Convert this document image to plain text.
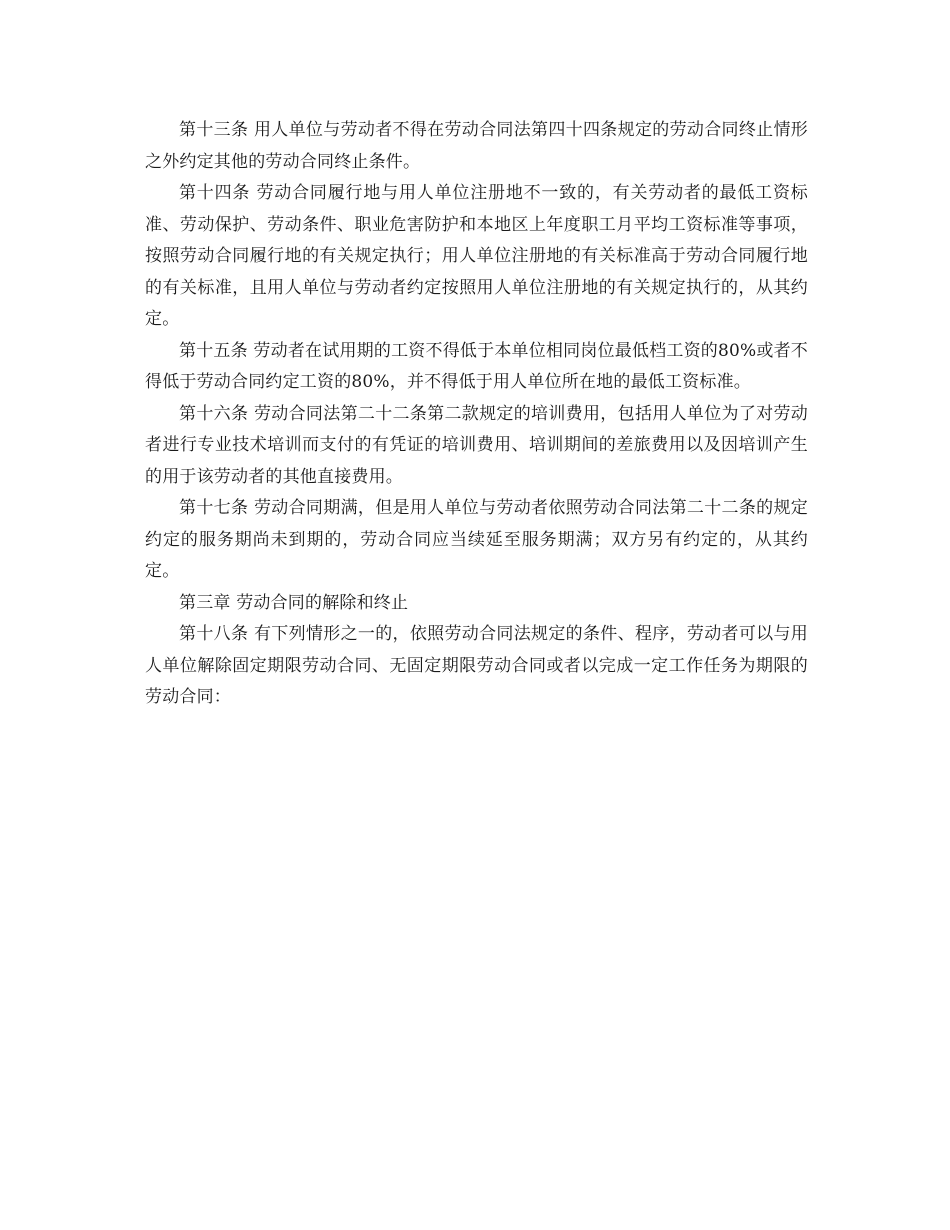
第十三条 用人单位与劳动者不得在劳动合同法第四十四条规定的劳动合同终止情形之外约定其他的劳动合同终止条件。

第十四条 劳动合同履行地与用人单位注册地不一致的，有关劳动者的最低工资标准、劳动保护、劳动条件、职业危害防护和本地区上年度职工月平均工资标准等事项，按照劳动合同履行地的有关规定执行；用人单位注册地的有关标准高于劳动合同履行地的有关标准，且用人单位与劳动者约定按照用人单位注册地的有关规定执行的，从其约定。

第十五条 劳动者在试用期的工资不得低于本单位相同岗位最低档工资的80%或者不得低于劳动合同约定工资的80%，并不得低于用人单位所在地的最低工资标准。

第十六条 劳动合同法第二十二条第二款规定的培训费用，包括用人单位为了对劳动者进行专业技术培训而支付的有凭证的培训费用、培训期间的差旅费用以及因培训产生的用于该劳动者的其他直接费用。

第十七条 劳动合同期满，但是用人单位与劳动者依照劳动合同法第二十二条的规定约定的服务期尚未到期的，劳动合同应当续延至服务期满；双方另有约定的，从其约定。

第三章 劳动合同的解除和终止

第十八条 有下列情形之一的，依照劳动合同法规定的条件、程序，劳动者可以与用人单位解除固定期限劳动合同、无固定期限劳动合同或者以完成一定工作任务为期限的劳动合同：
